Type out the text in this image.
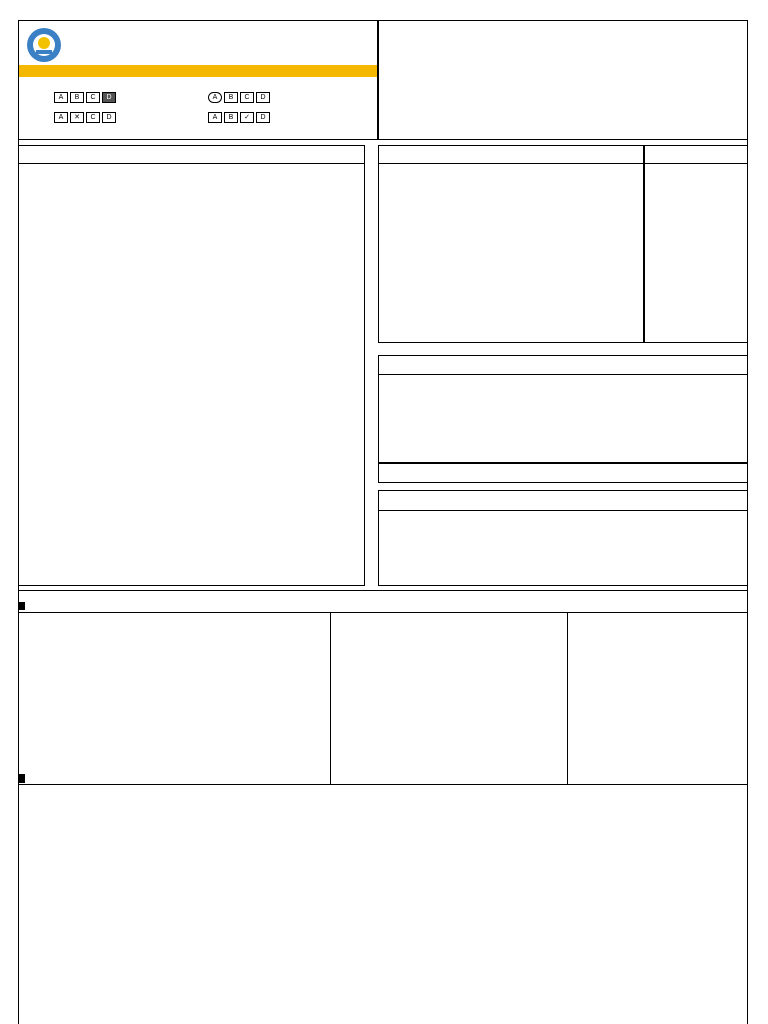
A	B	C	D	A	B	C	D
A	✕	C	D	A	B	✓	D
